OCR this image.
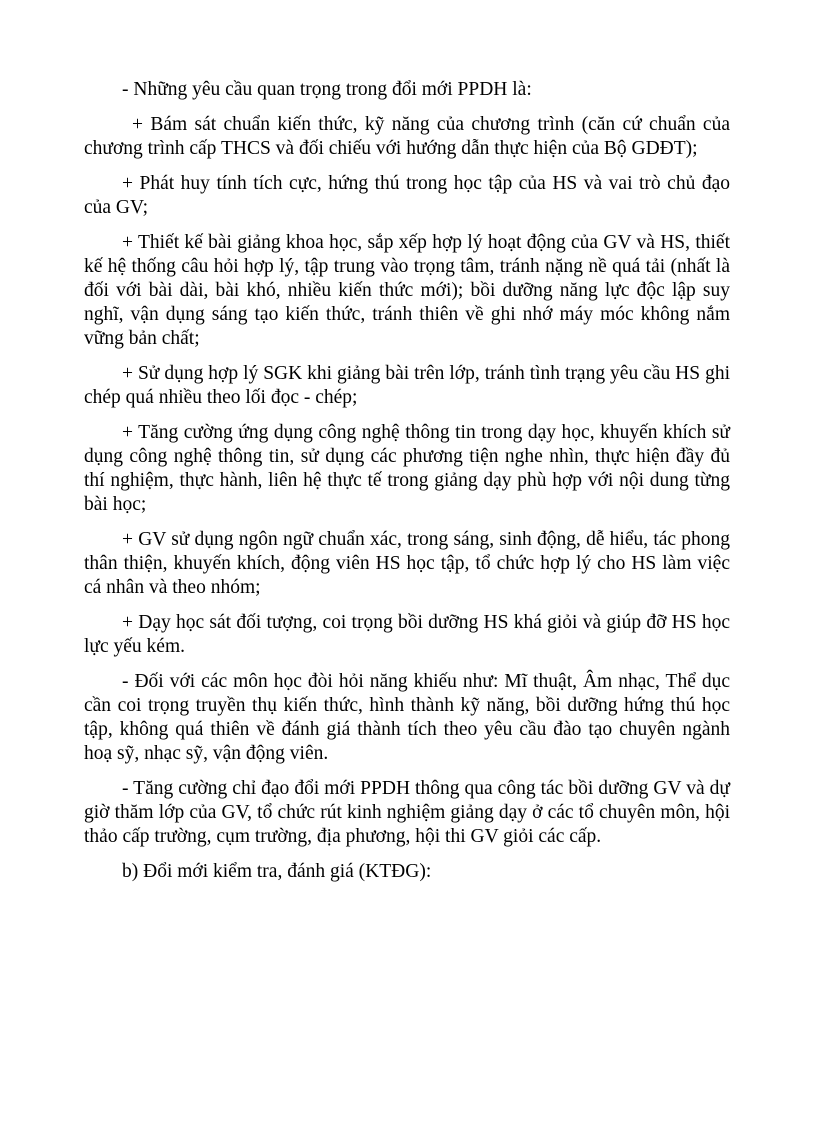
- Những yêu cầu quan trọng trong đổi mới PPDH là:

+ Bám sát chuẩn kiến thức, kỹ năng của chương trình (căn cứ chuẩn của chương trình cấp THCS và đối chiếu với hướng dẫn thực hiện của Bộ GDĐT);

+ Phát huy tính tích cực, hứng thú trong học tập của HS và vai trò chủ đạo của GV;

+ Thiết kế bài giảng khoa học, sắp xếp hợp lý hoạt động của GV và HS, thiết kế hệ thống câu hỏi hợp lý, tập trung vào trọng tâm, tránh nặng nề quá tải (nhất là đối với bài dài, bài khó, nhiều kiến thức mới); bồi dưỡng năng lực độc lập suy nghĩ, vận dụng sáng tạo kiến thức, tránh thiên về ghi nhớ máy móc không nắm vững bản chất;

+ Sử dụng hợp lý SGK khi giảng bài trên lớp, tránh tình trạng yêu cầu HS ghi chép quá nhiều theo lối đọc - chép;

+ Tăng cường ứng dụng công nghệ thông tin trong dạy học, khuyến khích sử dụng công nghệ thông tin, sử dụng các phương tiện nghe nhìn, thực hiện đầy đủ thí nghiệm, thực hành, liên hệ thực tế trong giảng dạy phù hợp với nội dung từng bài học;

+ GV sử dụng ngôn ngữ chuẩn xác, trong sáng, sinh động, dễ hiểu, tác phong thân thiện, khuyến khích, động viên HS học tập, tổ chức hợp lý cho HS làm việc cá nhân và theo nhóm;

+ Dạy học sát đối tượng, coi trọng bồi dưỡng HS khá giỏi và giúp đỡ HS học lực yếu kém.

- Đối với các môn học đòi hỏi năng khiếu như: Mĩ thuật, Âm nhạc, Thể dục cần coi trọng truyền thụ kiến thức, hình thành kỹ năng, bồi dưỡng hứng thú học tập, không quá thiên về đánh giá thành tích theo yêu cầu đào tạo chuyên ngành hoạ sỹ, nhạc sỹ, vận động viên.

- Tăng cường chỉ đạo đổi mới PPDH thông qua công tác bồi dưỡng GV và dự giờ thăm lớp của GV, tổ chức rút kinh nghiệm giảng dạy ở các tổ chuyên môn, hội thảo cấp trường, cụm trường, địa phương, hội thi GV giỏi các cấp.

b) Đổi mới kiểm tra, đánh giá (KTĐG):
